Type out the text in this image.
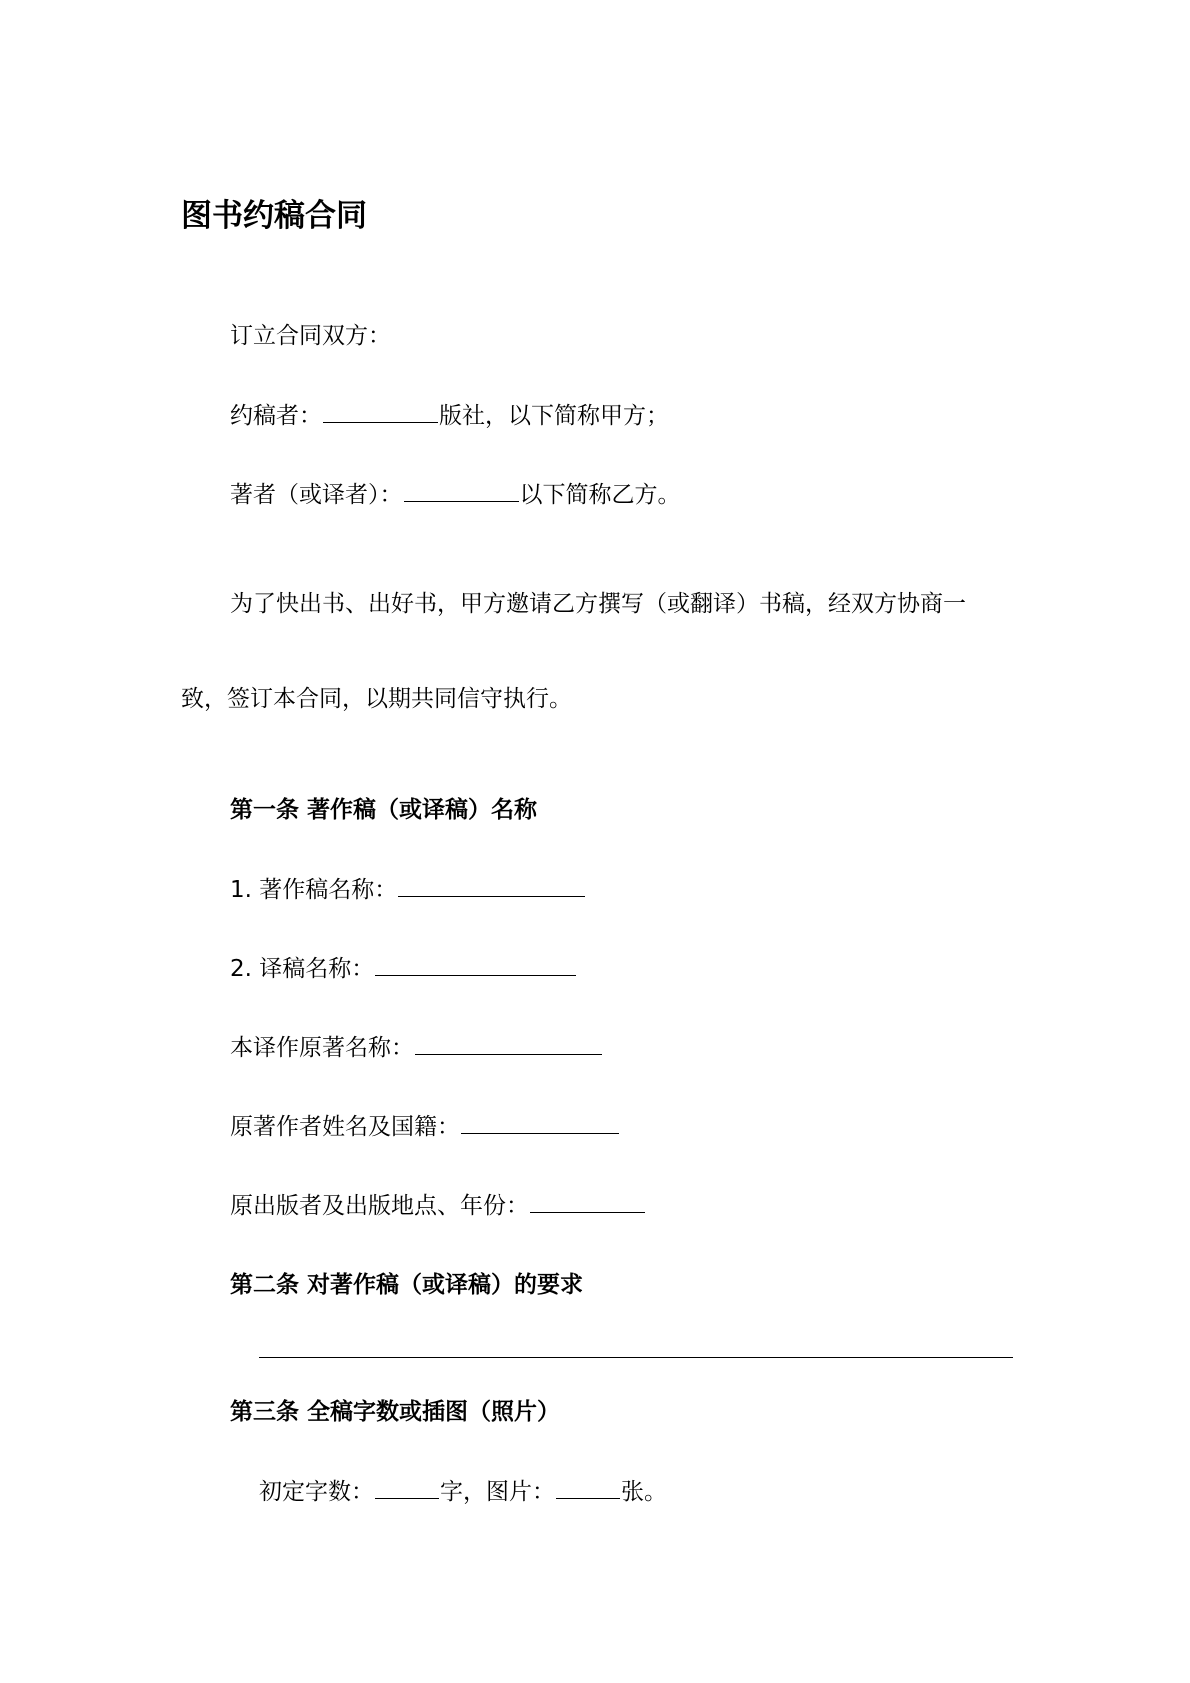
图书约稿合同
订立合同双方：
约稿者：	版社，以下简称甲方；
著者（或译者）：	以下简称乙方。
为了快出书、出好书，甲方邀请乙方撰写（或翻译）书稿，经双方协商一
致，签订本合同，以期共同信守执行。
第一条 著作稿（或译稿）名称
1. 著作稿名称：
2. 译稿名称：
本译作原著名称：
原著作者姓名及国籍：
原出版者及出版地点、年份：
第二条 对著作稿（或译稿）的要求
第三条 全稿字数或插图（照片）
初定字数：	字，图片：	张。
